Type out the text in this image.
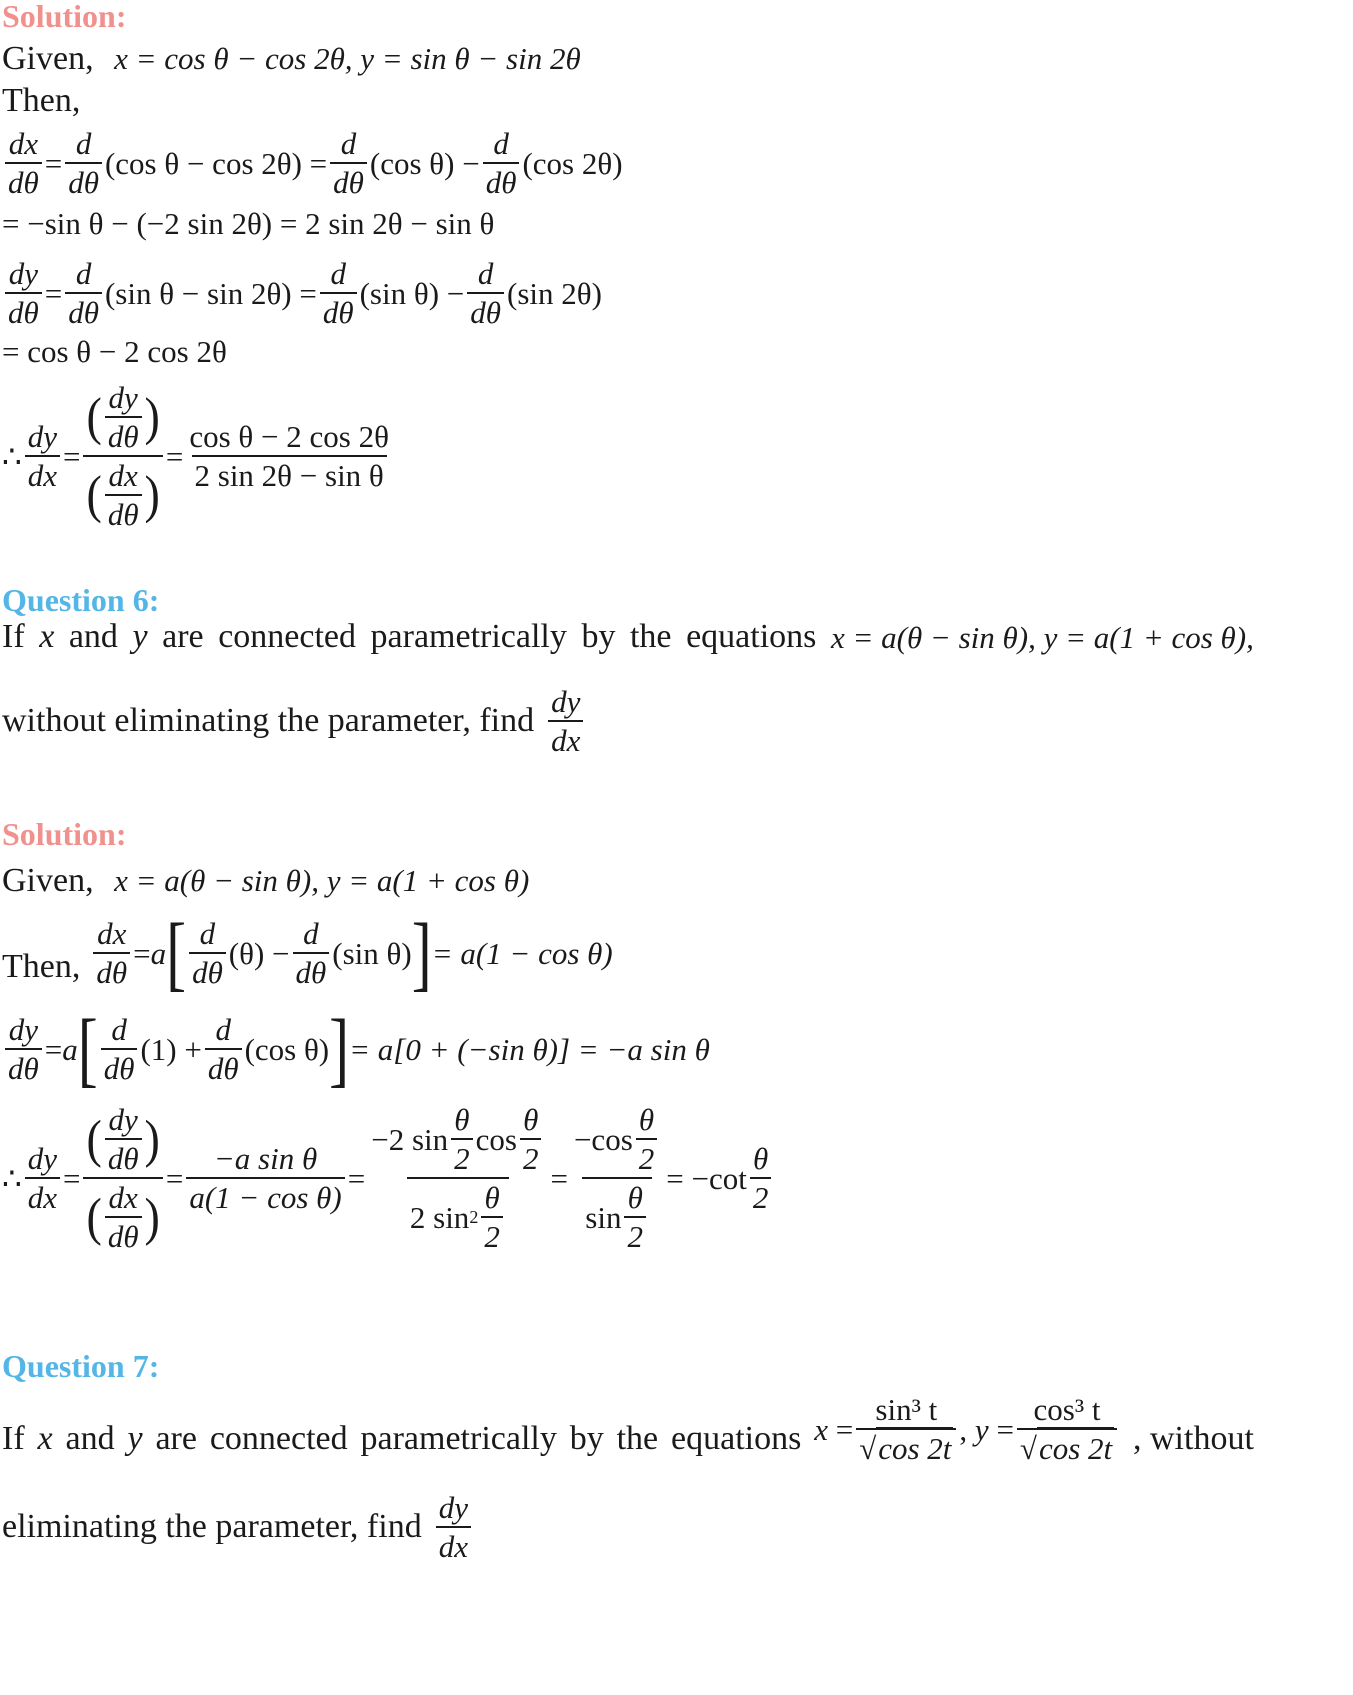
Solution:
Given, x = cos θ − cos 2θ, y = sin θ − sin 2θ
Then,
$\frac{dx}{d\theta} = \frac{d}{d\theta} (\cos$ $\theta - \cos 2\theta) = \frac{d}{d\theta} (\cos$ $\theta) - \frac{d}{d\theta} (\cos$ 2θ)
= −sin θ − (−2 sin 2θ) = 2 sin 2θ − sin θ
$\frac{dy}{d\theta} = \frac{d}{d\theta} (\sin$ $\theta - \sin 2\theta) = \frac{d}{d\theta} (\sin$ $\theta) - \frac{d}{d\theta} (\sin$ 2θ)
= cos θ − 2 cos 2θ
∴ $\frac{dy}{dx} = \frac{( \frac{dy}{d\theta} )}{( \frac{dx}{d\theta} )} = \frac{\text{cos θ − 2 cos 2θ}}{\text{2 sin 2θ − sin θ}}$
Question 6:
If x and y are connected parametrically by the equations x = a(θ − sin θ), y = a(1 + cos θ),
without eliminating the parameter, find $\frac{dy}{dx}$
Solution:
Given, x = a(θ − sin θ), y = a(1 + cos θ)
Then, $\frac{dx}{d\theta} = a$ [ $\frac{d}{d\theta} (\theta) - \frac{d}{d\theta} (\sin$ θ) ] = a(1 − cos θ)
$\frac{dy}{d\theta} = a$ [ $\frac{d}{d\theta} (1) + \frac{d}{d\theta} (\cos$ θ) ] = a[0 + (−sin θ)] = −a sin θ
∴ $\frac{dy}{dx} = \frac{( \frac{dy}{d\theta} )}{( \frac{dx}{d\theta} )} = \frac{\text{−a sin θ}}{\text{a(1 − cos θ)}} = \frac{-2 \sin \frac{\theta}{2} \cos \frac{\theta}{2}}{2 \sin 2 \frac{\theta}{2}} = \frac{-\cos \frac{\theta}{2}}{\sin \frac{\theta}{2}} = -\cot \frac{\theta}{2}$
Question 7:
If x and y are connected parametrically by the equations $x = \frac{\text{sin³ t}}{√\cos 2t}$ , $y = \frac{\text{cos³ t}}{√\cos 2t}$ , without
eliminating the parameter, find $\frac{dy}{dx}$
